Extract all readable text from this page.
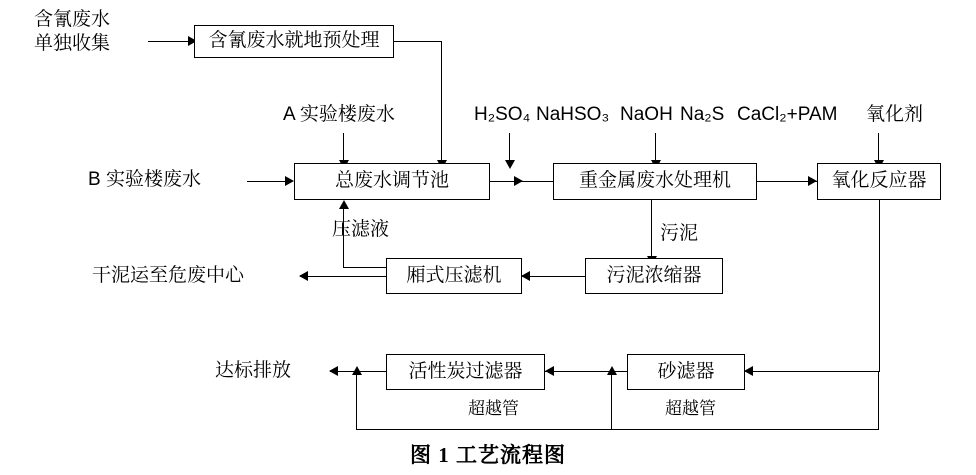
含氰废水
单独收集	含氰废水就地预处理
A 实验楼废水	H₂SO₄ NaHSO₃ NaOH Na₂S CaCl₂+PAM 氧化剂
B 实验楼废水	总废水调节池	重金属废水处理机	氧化反应器
污泥
压滤液
污泥浓缩器
厢式压滤机
干泥运至危废中心
砂滤器
活性炭过滤器
达标排放
超越管	超越管
图 1 工艺流程图
